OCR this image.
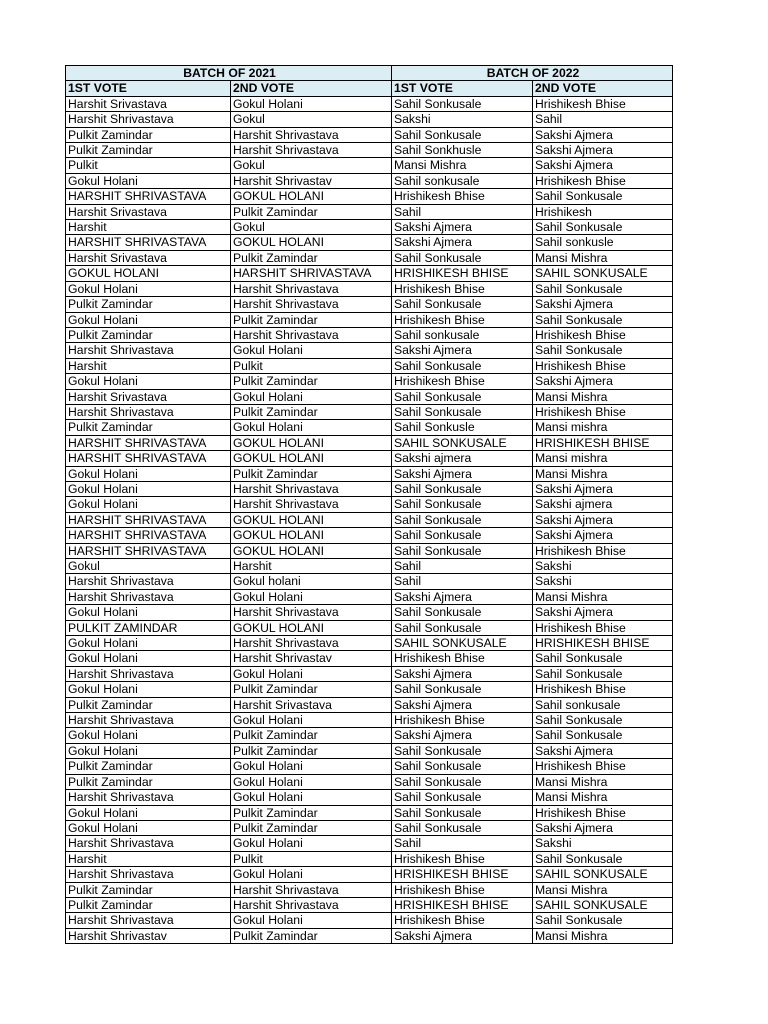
BATCH OF 2021		BATCH OF 2022	
1ST VOTE	2ND VOTE	1ST VOTE	2ND VOTE
Harshit Srivastava	Gokul Holani	Sahil Sonkusale	Hrishikesh Bhise
Harshit Shrivastava	Gokul	Sakshi	Sahil
Pulkit Zamindar	Harshit Shrivastava	Sahil Sonkusale	Sakshi Ajmera
Pulkit Zamindar	Harshit Shrivastava	Sahil Sonkhusle	Sakshi Ajmera
Pulkit	Gokul	Mansi Mishra	Sakshi Ajmera
Gokul Holani	Harshit Shrivastav	Sahil sonkusale	Hrishikesh Bhise
HARSHIT SHRIVASTAVA	GOKUL HOLANI	Hrishikesh Bhise	Sahil Sonkusale
Harshit Srivastava	Pulkit Zamindar	Sahil	Hrishikesh
Harshit	Gokul	Sakshi Ajmera	Sahil Sonkusale
HARSHIT SHRIVASTAVA	GOKUL HOLANI	Sakshi Ajmera	Sahil sonkusle
Harshit Srivastava	Pulkit Zamindar	Sahil Sonkusale	Mansi Mishra
GOKUL HOLANI	HARSHIT SHRIVASTAVA	HRISHIKESH BHISE	SAHIL SONKUSALE
Gokul Holani	Harshit Shrivastava	Hrishikesh Bhise	Sahil Sonkusale
Pulkit Zamindar	Harshit Shrivastava	Sahil Sonkusale	Sakshi Ajmera
Gokul Holani	Pulkit Zamindar	Hrishikesh Bhise	Sahil Sonkusale
Pulkit Zamindar	Harshit Shrivastava	Sahil sonkusale	Hrishikesh Bhise
Harshit Shrivastava	Gokul Holani	Sakshi Ajmera	Sahil Sonkusale
Harshit	Pulkit	Sahil Sonkusale	Hrishikesh Bhise
Gokul Holani	Pulkit Zamindar	Hrishikesh Bhise	Sakshi Ajmera
Harshit Srivastava	Gokul Holani	Sahil Sonkusale	Mansi Mishra
Harshit Shrivastava	Pulkit Zamindar	Sahil Sonkusale	Hrishikesh Bhise
Pulkit Zamindar	Gokul Holani	Sahil Sonkusle	Mansi mishra
HARSHIT SHRIVASTAVA	GOKUL HOLANI	SAHIL SONKUSALE	HRISHIKESH BHISE
HARSHIT SHRIVASTAVA	GOKUL HOLANI	Sakshi ajmera	Mansi mishra
Gokul Holani	Pulkit Zamindar	Sakshi Ajmera	Mansi Mishra
Gokul Holani	Harshit Shrivastava	Sahil Sonkusale	Sakshi Ajmera
Gokul Holani	Harshit Shrivastava	Sahil Sonkusale	Sakshi ajmera
HARSHIT SHRIVASTAVA	GOKUL HOLANI	Sahil Sonkusale	Sakshi Ajmera
HARSHIT SHRIVASTAVA	GOKUL HOLANI	Sahil Sonkusale	Sakshi Ajmera
HARSHIT SHRIVASTAVA	GOKUL HOLANI	Sahil Sonkusale	Hrishikesh Bhise
Gokul	Harshit	Sahil	Sakshi
Harshit Shrivastava	Gokul holani	Sahil	Sakshi
Harshit Shrivastava	Gokul Holani	Sakshi Ajmera	Mansi Mishra
Gokul Holani	Harshit Shrivastava	Sahil Sonkusale	Sakshi Ajmera
PULKIT ZAMINDAR	GOKUL HOLANI	Sahil Sonkusale	Hrishikesh Bhise
Gokul Holani	Harshit Shrivastava	SAHIL SONKUSALE	HRISHIKESH BHISE
Gokul Holani	Harshit Shrivastav	Hrishikesh Bhise	Sahil Sonkusale
Harshit Shrivastava	Gokul Holani	Sakshi Ajmera	Sahil Sonkusale
Gokul Holani	Pulkit Zamindar	Sahil Sonkusale	Hrishikesh Bhise
Pulkit Zamindar	Harshit Srivastava	Sakshi Ajmera	Sahil sonkusale
Harshit Shrivastava	Gokul Holani	Hrishikesh Bhise	Sahil Sonkusale
Gokul Holani	Pulkit Zamindar	Sakshi Ajmera	Sahil Sonkusale
Gokul Holani	Pulkit Zamindar	Sahil Sonkusale	Sakshi Ajmera
Pulkit Zamindar	Gokul Holani	Sahil Sonkusale	Hrishikesh Bhise
Pulkit Zamindar	Gokul Holani	Sahil Sonkusale	Mansi Mishra
Harshit Shrivastava	Gokul Holani	Sahil Sonkusale	Mansi Mishra
Gokul Holani	Pulkit Zamindar	Sahil Sonkusale	Hrishikesh Bhise
Gokul Holani	Pulkit Zamindar	Sahil Sonkusale	Sakshi Ajmera
Harshit Shrivastava	Gokul Holani	Sahil	Sakshi
Harshit	Pulkit	Hrishikesh Bhise	Sahil Sonkusale
Harshit Shrivastava	Gokul Holani	HRISHIKESH BHISE	SAHIL SONKUSALE
Pulkit Zamindar	Harshit Shrivastava	Hrishikesh Bhise	Mansi Mishra
Pulkit Zamindar	Harshit Shrivastava	HRISHIKESH BHISE	SAHIL SONKUSALE
Harshit Shrivastava	Gokul Holani	Hrishikesh Bhise	Sahil Sonkusale
Harshit Shrivastav	Pulkit Zamindar	Sakshi Ajmera	Mansi Mishra
